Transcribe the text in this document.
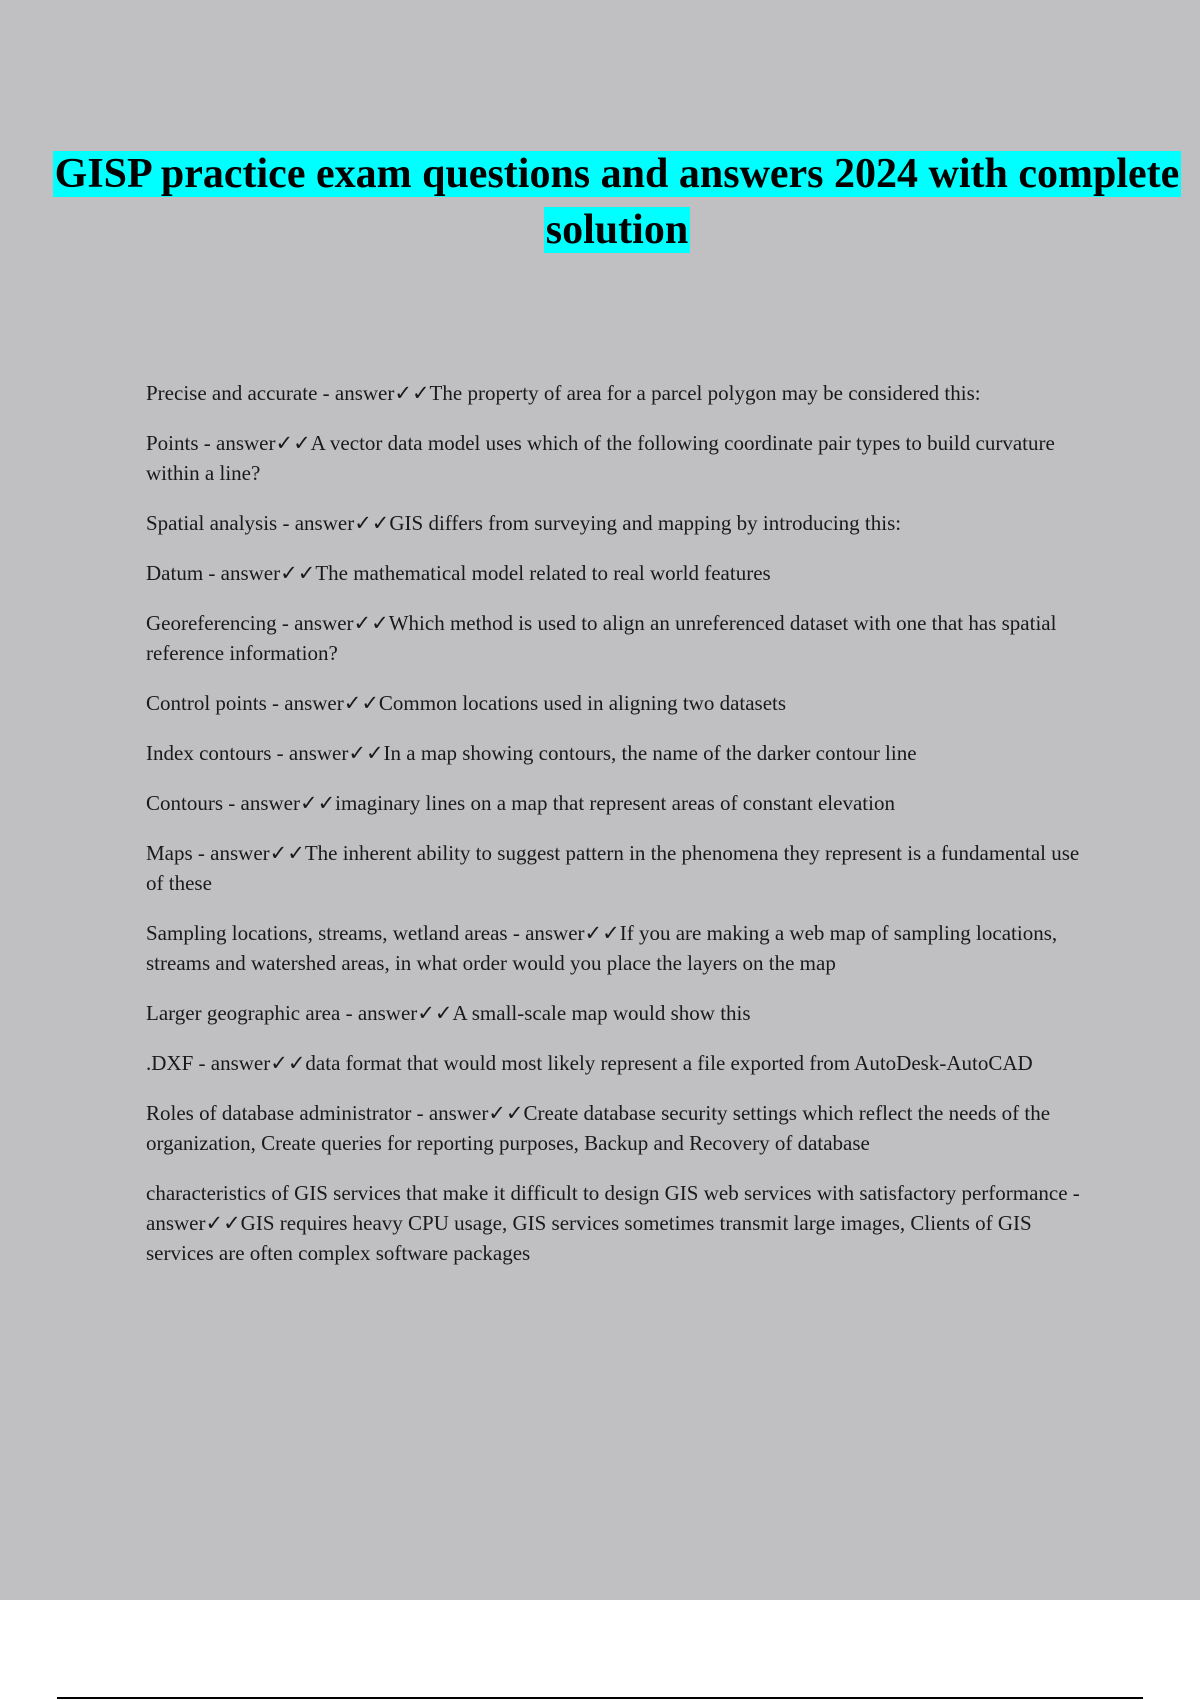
GISP practice exam questions and answers 2024 with complete solution
Precise and accurate - answer✓✓The property of area for a parcel polygon may be considered this:
Points - answer✓✓A vector data model uses which of the following coordinate pair types to build curvature within a line?
Spatial analysis - answer✓✓GIS differs from surveying and mapping by introducing this:
Datum - answer✓✓The mathematical model related to real world features
Georeferencing - answer✓✓Which method is used to align an unreferenced dataset with one that has spatial reference information?
Control points - answer✓✓Common locations used in aligning two datasets
Index contours - answer✓✓In a map showing contours, the name of the darker contour line
Contours - answer✓✓imaginary lines on a map that represent areas of constant elevation
Maps - answer✓✓The inherent ability to suggest pattern in the phenomena they represent is a fundamental use of these
Sampling locations, streams, wetland areas - answer✓✓If you are making a web map of sampling locations, streams and watershed areas, in what order would you place the layers on the map
Larger geographic area - answer✓✓A small-scale map would show this
.DXF - answer✓✓data format that would most likely represent a file exported from AutoDesk-AutoCAD
Roles of database administrator - answer✓✓Create database security settings which reflect the needs of the organization, Create queries for reporting purposes, Backup and Recovery of database
characteristics of GIS services that make it difficult to design GIS web services with satisfactory performance - answer✓✓GIS requires heavy CPU usage, GIS services sometimes transmit large images, Clients of GIS services are often complex software packages
